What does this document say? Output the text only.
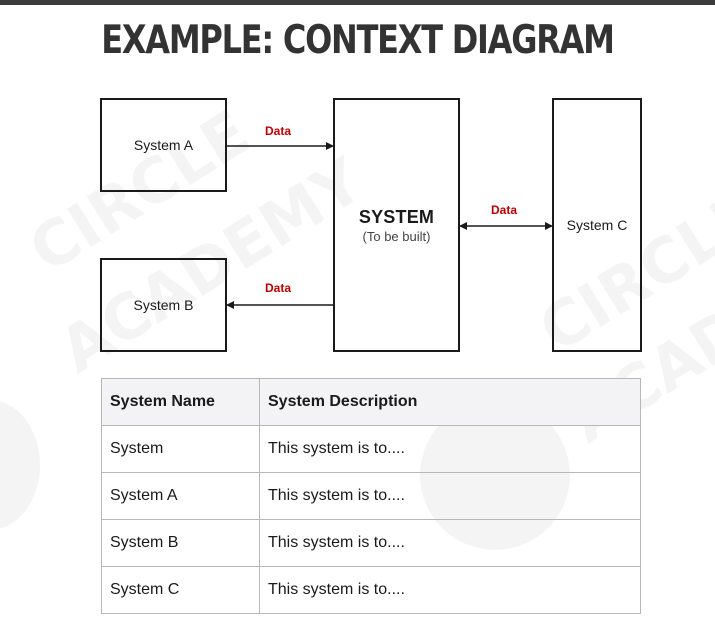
EXAMPLE: CONTEXT DIAGRAM
System A
System B
SYSTEM
(To be built)
System C
Data
Data
Data
System Name	System Description
System	This system is to....
System A	This system is to....
System B	This system is to....
System C	This system is to....
